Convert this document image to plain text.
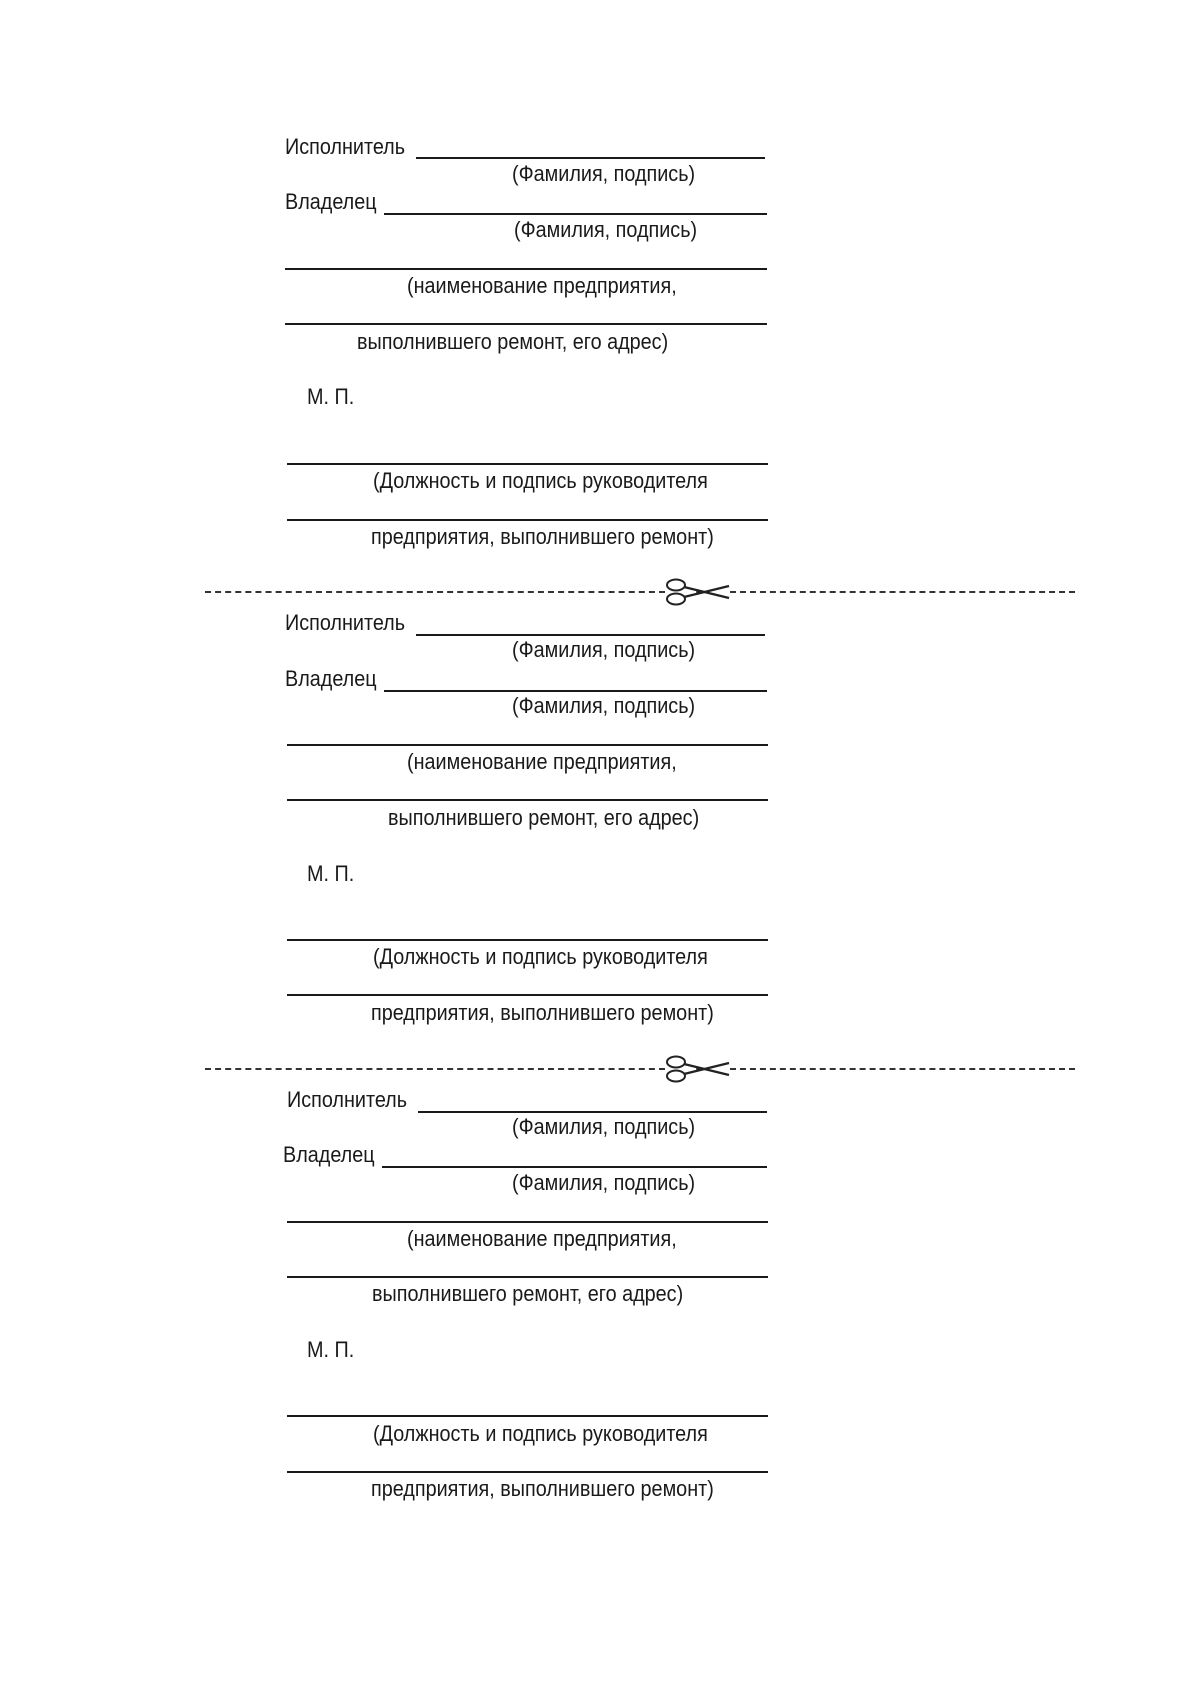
Исполнитель
(Фамилия, подпись)
Владелец
(Фамилия, подпись)
(наименование предприятия,
выполнившего ремонт, его адрес)
М. П.
(Должность и подпись руководителя
предприятия, выполнившего ремонт)
Исполнитель
(Фамилия, подпись)
Владелец
(Фамилия, подпись)
(наименование предприятия,
выполнившего ремонт, его адрес)
М. П.
(Должность и подпись руководителя
предприятия, выполнившего ремонт)
Исполнитель
(Фамилия, подпись)
Владелец
(Фамилия, подпись)
(наименование предприятия,
выполнившего ремонт, его адрес)
М. П.
(Должность и подпись руководителя
предприятия, выполнившего ремонт)
